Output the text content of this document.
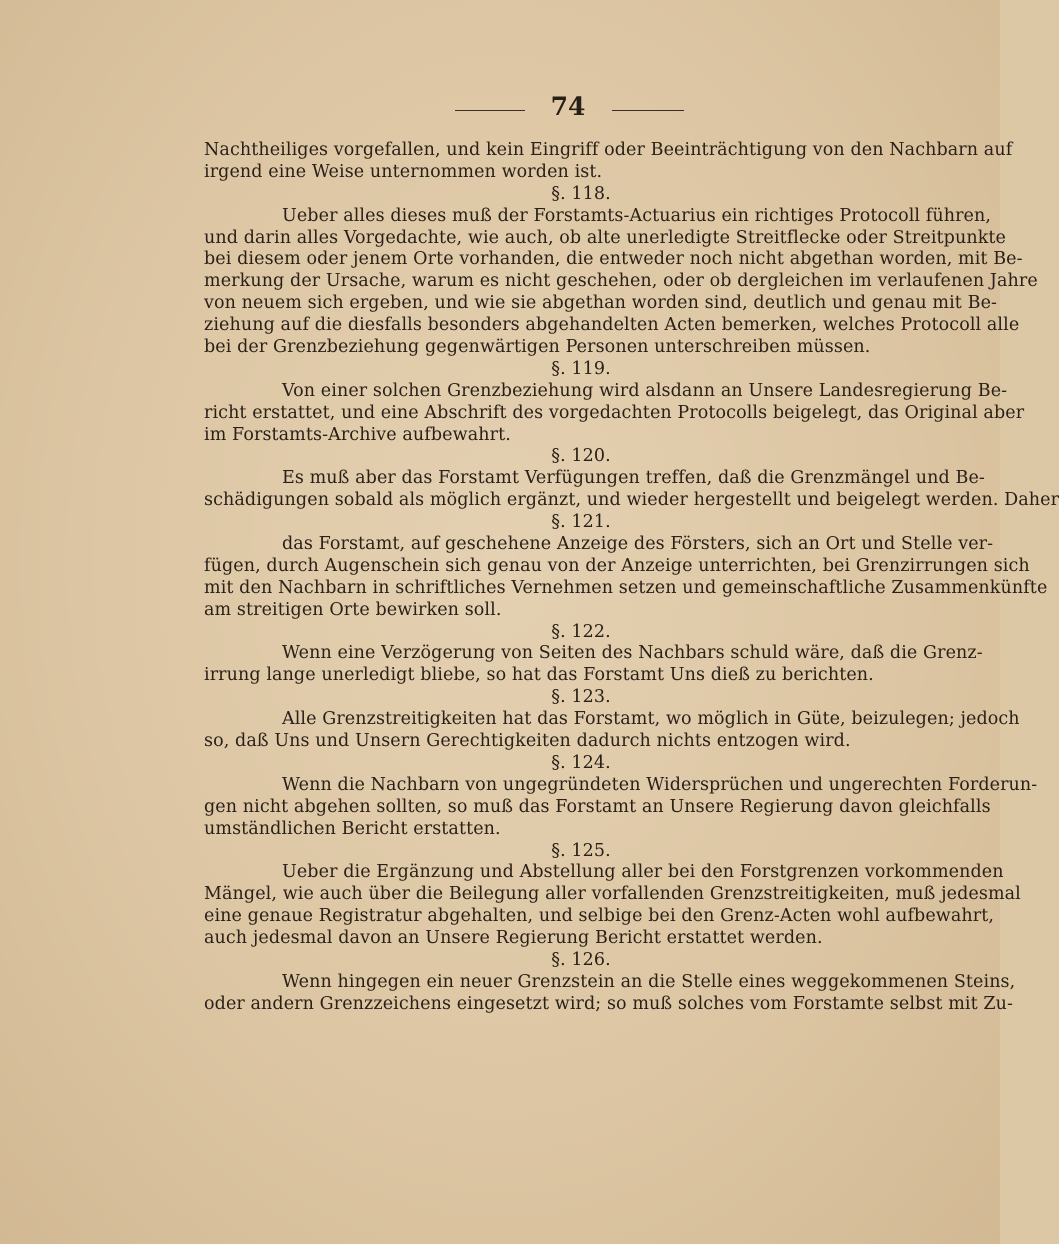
74
Nachtheiliges vorgefallen, und kein Eingriff oder Beeinträchtigung von den Nachbarn auf
irgend eine Weise unternommen worden ist.
§. 118.
Ueber alles dieses muß der Forstamts-Actuarius ein richtiges Protocoll führen,
und darin alles Vorgedachte, wie auch, ob alte unerledigte Streitflecke oder Streitpunkte
bei diesem oder jenem Orte vorhanden, die entweder noch nicht abgethan worden, mit Be-
merkung der Ursache, warum es nicht geschehen, oder ob dergleichen im verlaufenen Jahre
von neuem sich ergeben, und wie sie abgethan worden sind, deutlich und genau mit Be-
ziehung auf die diesfalls besonders abgehandelten Acten bemerken, welches Protocoll alle
bei der Grenzbeziehung gegenwärtigen Personen unterschreiben müssen.
§. 119.
Von einer solchen Grenzbeziehung wird alsdann an Unsere Landesregierung Be-
richt erstattet, und eine Abschrift des vorgedachten Protocolls beigelegt, das Original aber
im Forstamts-Archive aufbewahrt.
§. 120.
Es muß aber das Forstamt Verfügungen treffen, daß die Grenzmängel und Be-
schädigungen sobald als möglich ergänzt, und wieder hergestellt und beigelegt werden. Daher
§. 121.
das Forstamt, auf geschehene Anzeige des Försters, sich an Ort und Stelle ver-
fügen, durch Augenschein sich genau von der Anzeige unterrichten, bei Grenzirrungen sich
mit den Nachbarn in schriftliches Vernehmen setzen und gemeinschaftliche Zusammenkünfte
am streitigen Orte bewirken soll.
§. 122.
Wenn eine Verzögerung von Seiten des Nachbars schuld wäre, daß die Grenz-
irrung lange unerledigt bliebe, so hat das Forstamt Uns dieß zu berichten.
§. 123.
Alle Grenzstreitigkeiten hat das Forstamt, wo möglich in Güte, beizulegen; jedoch
so, daß Uns und Unsern Gerechtigkeiten dadurch nichts entzogen wird.
§. 124.
Wenn die Nachbarn von ungegründeten Widersprüchen und ungerechten Forderun-
gen nicht abgehen sollten, so muß das Forstamt an Unsere Regierung davon gleichfalls
umständlichen Bericht erstatten.
§. 125.
Ueber die Ergänzung und Abstellung aller bei den Forstgrenzen vorkommenden
Mängel, wie auch über die Beilegung aller vorfallenden Grenzstreitigkeiten, muß jedesmal
eine genaue Registratur abgehalten, und selbige bei den Grenz-Acten wohl aufbewahrt,
auch jedesmal davon an Unsere Regierung Bericht erstattet werden.
§. 126.
Wenn hingegen ein neuer Grenzstein an die Stelle eines weggekommenen Steins,
oder andern Grenzzeichens eingesetzt wird; so muß solches vom Forstamte selbst mit Zu-
